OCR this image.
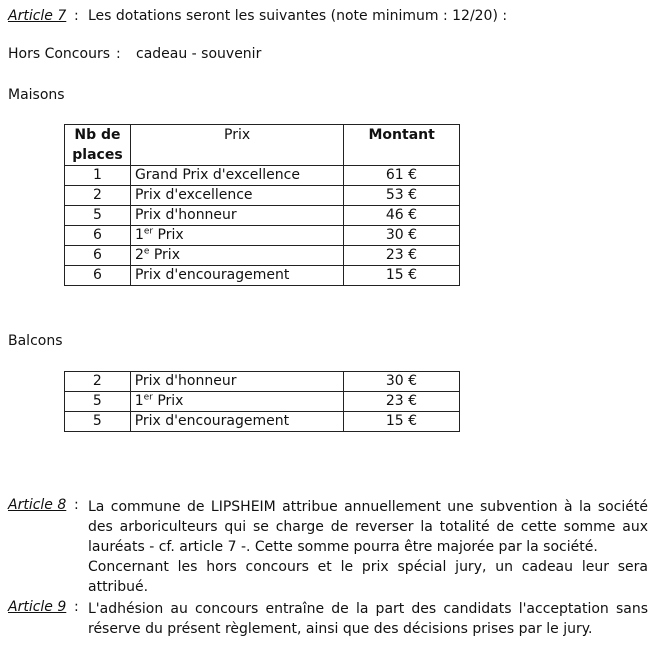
Article 7 : Les dotations seront les suivantes (note minimum : 12/20) :
Hors Concours : cadeau - souvenir
Maisons
Nb de
places	Prix	Montant
1	Grand Prix d'excellence	61 €
2	Prix d'excellence	53 €
5	Prix d'honneur	46 €
6	1er Prix	30 €
6	2e Prix	23 €
6	Prix d'encouragement	15 €
Balcons
2	Prix d'honneur	30 €
5	1er Prix	23 €
5	Prix d'encouragement	15 €
Article 8 : La commune de LIPSHEIM attribue annuellement une subvention à la société des arboriculteurs qui se charge de reverser la totalité de cette somme aux lauréats - cf. article 7 -. Cette somme pourra être majorée par la société.

Concernant les hors concours et le prix spécial jury, un cadeau leur sera attribué.

Article 9 : L'adhésion au concours entraîne de la part des candidats l'acceptation sans réserve du présent règlement, ainsi que des décisions prises par le jury.
